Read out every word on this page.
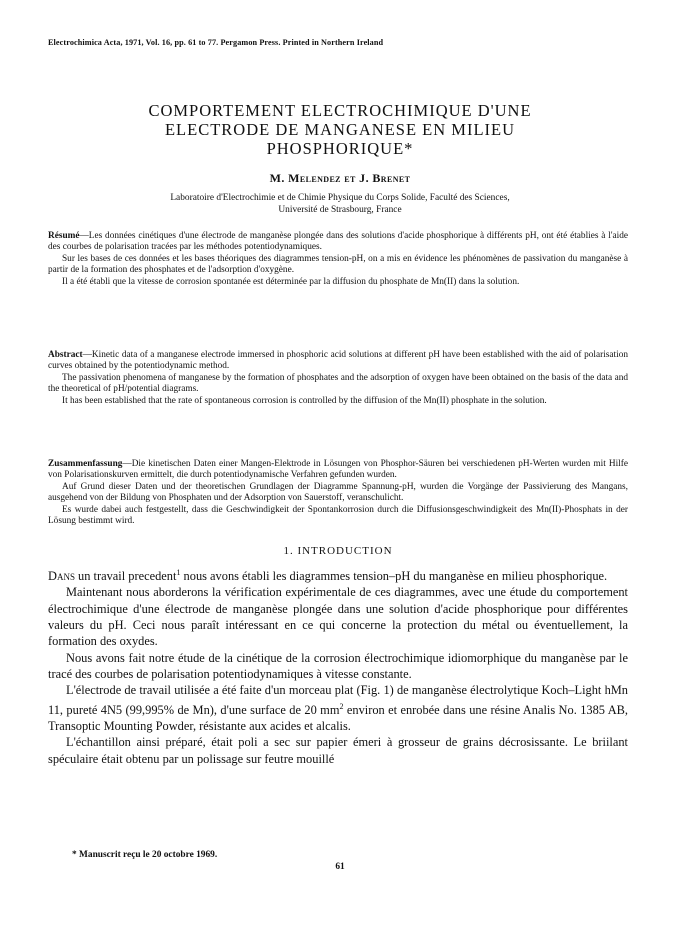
Electrochimica Acta, 1971, Vol. 16, pp. 61 to 77. Pergamon Press. Printed in Northern Ireland
COMPORTEMENT ELECTROCHIMIQUE D'UNE
ELECTRODE DE MANGANESE EN MILIEU
PHOSPHORIQUE*
M. Melendez et J. Brenet
Laboratoire d'Electrochimie et de Chimie Physique du Corps Solide, Faculté des Sciences,
Université de Strasbourg, France

Résumé—Les données cinétiques d'une électrode de manganèse plongée dans des solutions d'acide phosphorique à différents pH, ont été établies à l'aide des courbes de polarisation tracées par les méthodes potentiodynamiques.

Sur les bases de ces données et les bases théoriques des diagrammes tension-pH, on a mis en évidence les phénomènes de passivation du manganèse à partir de la formation des phosphates et de l'adsorption d'oxygène.

Il a été établi que la vitesse de corrosion spontanée est déterminée par la diffusion du phosphate de Mn(II) dans la solution.

Abstract—Kinetic data of a manganese electrode immersed in phosphoric acid solutions at different pH have been established with the aid of polarisation curves obtained by the potentiodynamic method.

The passivation phenomena of manganese by the formation of phosphates and the adsorption of oxygen have been obtained on the basis of the data and the theoretical of pH/potential diagrams.

It has been established that the rate of spontaneous corrosion is controlled by the diffusion of the Mn(II) phosphate in the solution.

Zusammenfassung—Die kinetischen Daten einer Mangen-Elektrode in Lösungen von Phosphor-Säuren bei verschiedenen pH-Werten wurden mit Hilfe von Polarisationskurven ermittelt, die durch potentiodynamische Verfahren gefunden wurden.

Auf Grund dieser Daten und der theoretischen Grundlagen der Diagramme Spannung-pH, wurden die Vorgänge der Passivierung des Mangans, ausgehend von der Bildung von Phosphaten und der Adsorption von Sauerstoff, veranschulicht.

Es wurde dabei auch festgestellt, dass die Geschwindigkeit der Spontankorrosion durch die Diffusionsgeschwindigkeit des Mn(II)-Phosphats in der Lösung bestimmt wird.

1. INTRODUCTION

Dans un travail precedent$^1$ nous avons établi les diagrammes tension–pH du manganèse en milieu phosphorique.

Maintenant nous aborderons la vérification expérimentale de ces diagrammes, avec une étude du comportement électrochimique d'une électrode de manganèse plongée dans une solution d'acide phosphorique pour différentes valeurs du pH. Ceci nous paraît intéressant en ce qui concerne la protection du métal ou éventuellement, la formation des oxydes.

Nous avons fait notre étude de la cinétique de la corrosion électrochimique idiomorphique du manganèse par le tracé des courbes de polarisation potentiodynamiques à vitesse constante.

L'électrode de travail utilisée a été faite d'un morceau plat (Fig. 1) de manganèse électrolytique Koch–Light hMn 11, pureté 4N5 (99,995% de Mn), d'une surface de 20 $mm^2$ environ et enrobée dans une résine Analis No. 1385 AB, Transoptic Mounting Powder, résistante aux acides et alcalis.

L'échantillon ainsi préparé, était poli a sec sur papier émeri à grosseur de grains décrosissante. Le briilant spéculaire était obtenu par un polissage sur feutre mouillé

* Manuscrit reçu le 20 octobre 1969.
61
